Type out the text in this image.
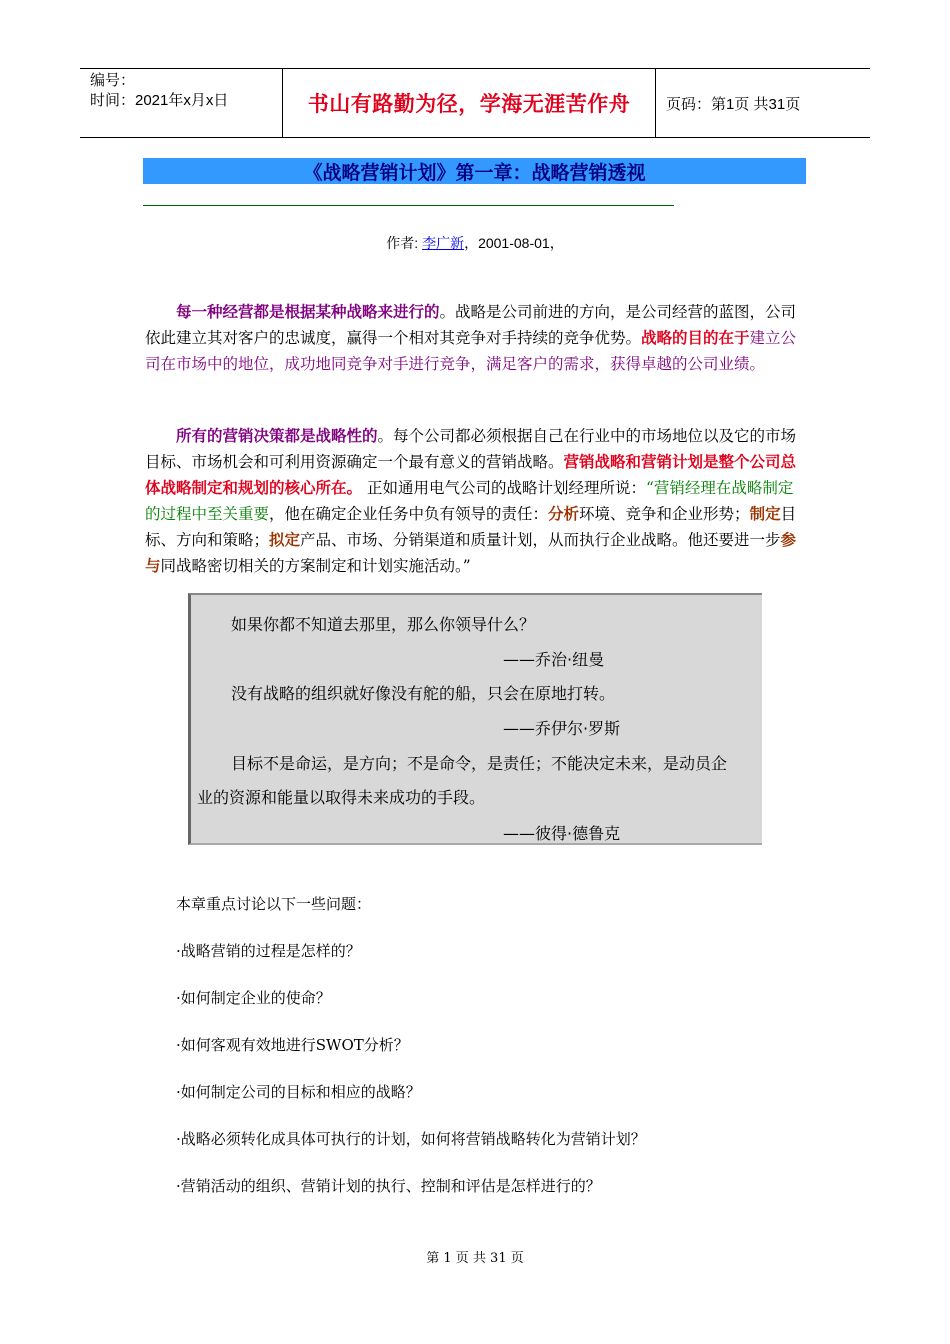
编号：
时间：2021年x月x日	书山有路勤为径，学海无涯苦作舟	页码：第1页 共31页
《战略营销计划》第一章：战略营销透视
作者: 李广新，2001-08-01，
每一种经营都是根据某种战略来进行的。战略是公司前进的方向，是公司经营的蓝图，公司依此建立其对客户的忠诚度，赢得一个相对其竞争对手持续的竞争优势。战略的目的在于建立公司在市场中的地位，成功地同竞争对手进行竞争，满足客户的需求，获得卓越的公司业绩。
所有的营销决策都是战略性的。每个公司都必须根据自己在行业中的市场地位以及它的市场目标、市场机会和可利用资源确定一个最有意义的营销战略。营销战略和营销计划是整个公司总体战略制定和规划的核心所在。 正如通用电气公司的战略计划经理所说：“营销经理在战略制定的过程中至关重要，他在确定企业任务中负有领导的责任：分析环境、竞争和企业形势；制定目标、方向和策略；拟定产品、市场、分销渠道和质量计划，从而执行企业战略。他还要进一步参与同战略密切相关的方案制定和计划实施活动。”
如果你都不知道去那里，那么你领导什么？
——乔治·纽曼
没有战略的组织就好像没有舵的船，只会在原地打转。
——乔伊尔·罗斯
目标不是命运，是方向；不是命令，是责任；不能决定未来，是动员企
业的资源和能量以取得未来成功的手段。
——彼得·德鲁克
本章重点讨论以下一些问题：
·战略营销的过程是怎样的？
·如何制定企业的使命？
·如何客观有效地进行SWOT分析？
·如何制定公司的目标和相应的战略？
·战略必须转化成具体可执行的计划，如何将营销战略转化为营销计划？
·营销活动的组织、营销计划的执行、控制和评估是怎样进行的？
第 1 页 共 31 页
